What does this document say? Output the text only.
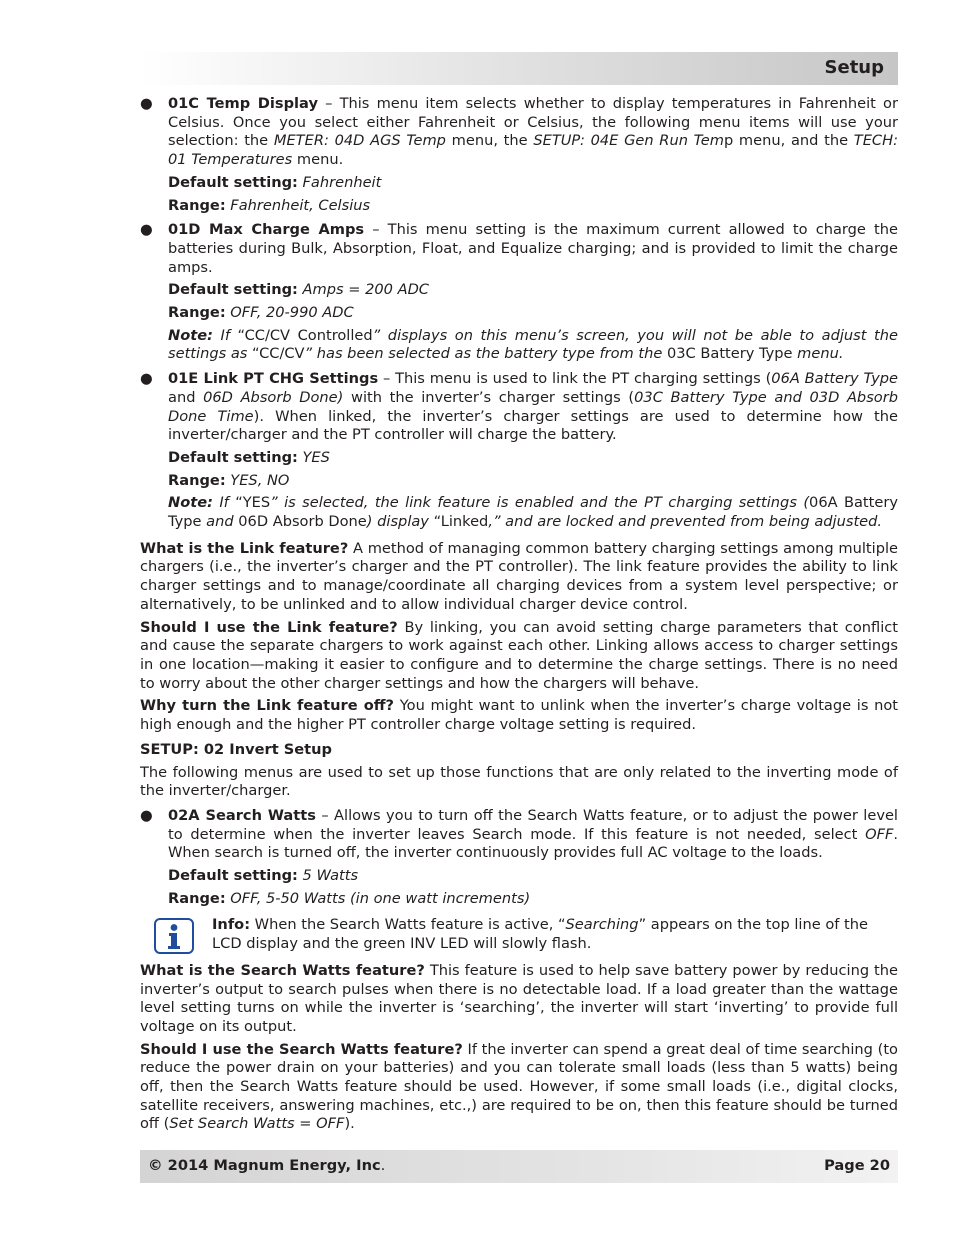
Setup
● 01C Temp Display – This menu item selects whether to display temperatures in Fahrenheit or Celsius. Once you select either Fahrenheit or Celsius, the following menu items will use your selection: the METER: 04D AGS Temp menu, the SETUP: 04E Gen Run Temp menu, and the TECH: 01 Temperatures menu.

Default setting: Fahrenheit

Range: Fahrenheit, Celsius

● 01D Max Charge Amps – This menu setting is the maximum current allowed to charge the batteries during Bulk, Absorption, Float, and Equalize charging; and is provided to limit the charge amps.

Default setting: Amps = 200 ADC

Range: OFF, 20-990 ADC

Note: If “CC/CV Controlled” displays on this menu’s screen, you will not be able to adjust the settings as “CC/CV” has been selected as the battery type from the 03C Battery Type menu.

● 01E Link PT CHG Settings – This menu is used to link the PT charging settings (06A Battery Type and 06D Absorb Done) with the inverter’s charger settings (03C Battery Type and 03D Absorb Done Time). When linked, the inverter’s charger settings are used to determine how the inverter/charger and the PT controller will charge the battery.

Default setting: YES

Range: YES, NO

Note: If “YES” is selected, the link feature is enabled and the PT charging settings (06A Battery Type and 06D Absorb Done) display “Linked,” and are locked and prevented from being adjusted.

What is the Link feature? A method of managing common battery charging settings among multiple chargers (i.e., the inverter’s charger and the PT controller). The link feature provides the ability to link charger settings and to manage/coordinate all charging devices from a system level perspective; or alternatively, to be unlinked and to allow individual charger device control.

Should I use the Link feature? By linking, you can avoid setting charge parameters that conflict and cause the separate chargers to work against each other. Linking allows access to charger settings in one location—making it easier to configure and to determine the charge settings. There is no need to worry about the other charger settings and how the chargers will behave.

Why turn the Link feature off? You might want to unlink when the inverter’s charge voltage is not high enough and the higher PT controller charge voltage setting is required.

SETUP: 02 Invert Setup

The following menus are used to set up those functions that are only related to the inverting mode of the inverter/charger.

● 02A Search Watts – Allows you to turn off the Search Watts feature, or to adjust the power level to determine when the inverter leaves Search mode. If this feature is not needed, select OFF. When search is turned off, the inverter continuously provides full AC voltage to the loads.

Default setting: 5 Watts

Range: OFF, 5-50 Watts (in one watt increments)

Info: When the Search Watts feature is active, “Searching” appears on the top line of the LCD display and the green INV LED will slowly flash.

What is the Search Watts feature? This feature is used to help save battery power by reducing the inverter’s output to search pulses when there is no detectable load. If a load greater than the wattage level setting turns on while the inverter is ‘searching’, the inverter will start ‘inverting’ to provide full voltage on its output.

Should I use the Search Watts feature? If the inverter can spend a great deal of time searching (to reduce the power drain on your batteries) and you can tolerate small loads (less than 5 watts) being off, then the Search Watts feature should be used. However, if some small loads (i.e., digital clocks, satellite receivers, answering machines, etc.,) are required to be on, then this feature should be turned off (Set Search Watts = OFF).

© 2014 Magnum Energy, Inc.	Page 20
